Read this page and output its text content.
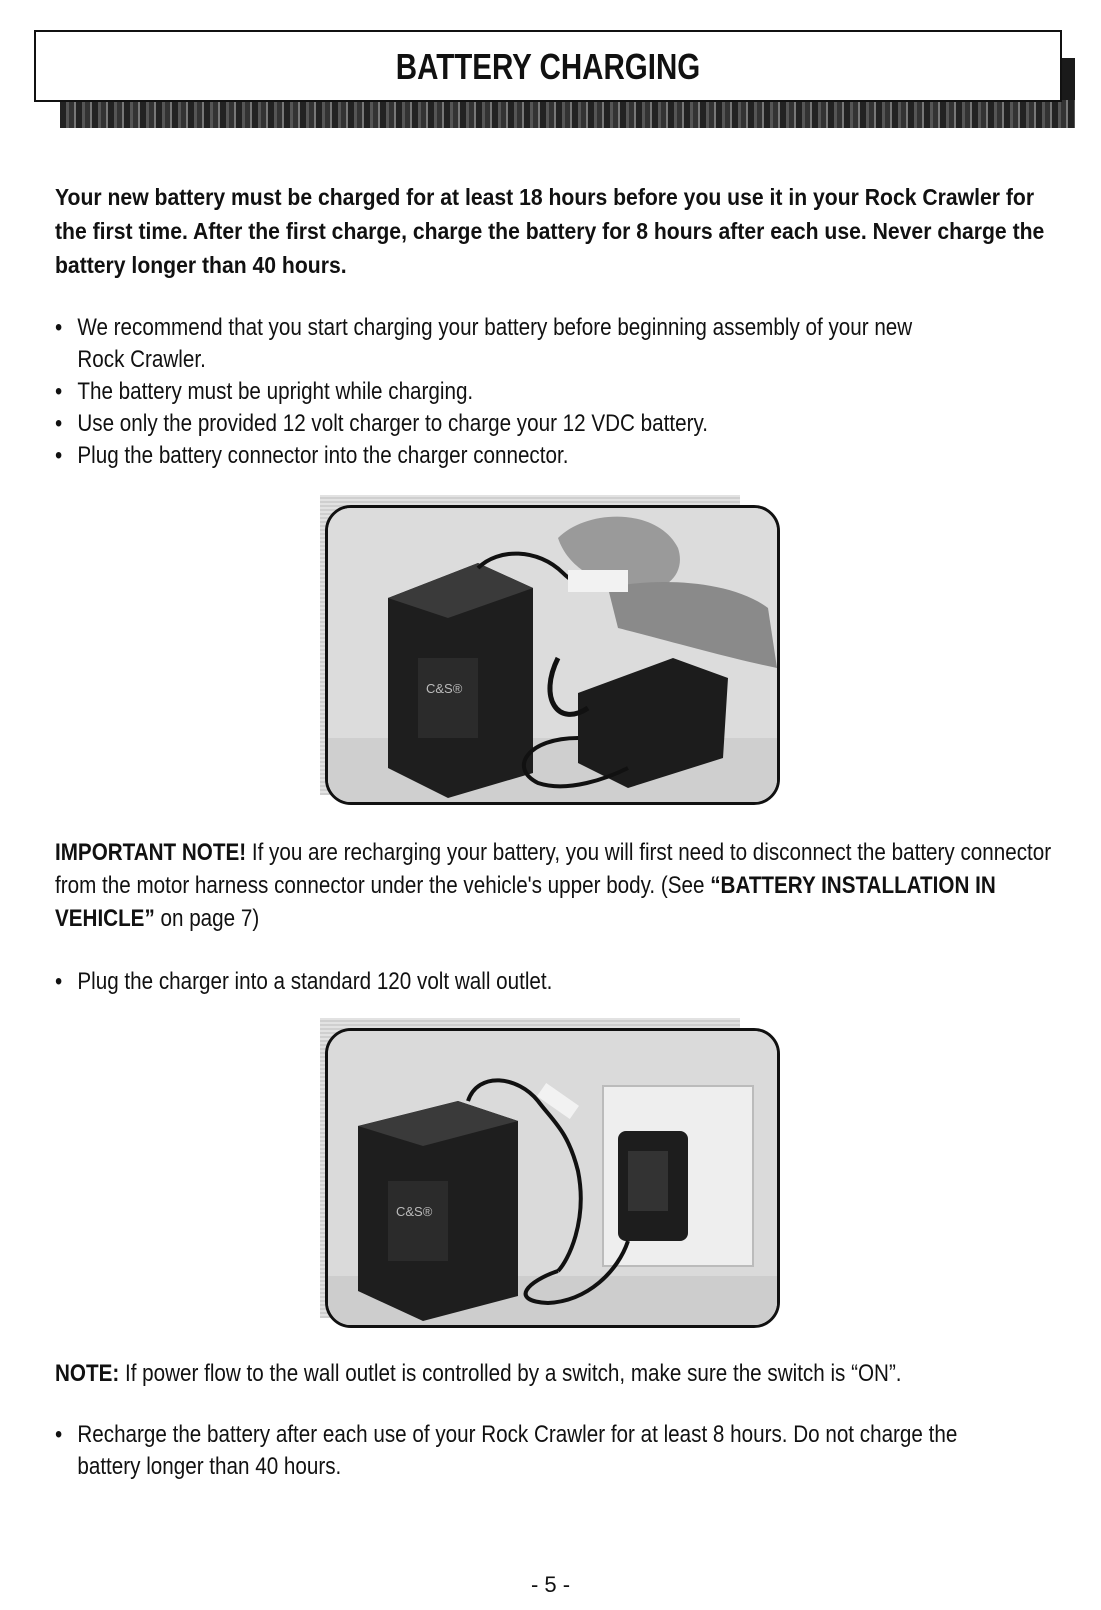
BATTERY CHARGING
Your new battery must be charged for at least 18 hours before you use it in your Rock Crawler for the first time. After the first charge, charge the battery for 8 hours after each use. Never charge the battery longer than 40 hours.
• We recommend that you start charging your battery before beginning assembly of your new Rock Crawler.
• The battery must be upright while charging.
• Use only the provided 12 volt charger to charge your 12 VDC battery.
• Plug the battery connector into the charger connector.
C&S®
IMPORTANT NOTE! If you are recharging your battery, you will first need to disconnect the battery connector from the motor harness connector under the vehicle's upper body. (See “BATTERY INSTALLATION IN VEHICLE” on page 7)
• Plug the charger into a standard 120 volt wall outlet.
C&S®
NOTE: If power flow to the wall outlet is controlled by a switch, make sure the switch is “ON”.
• Recharge the battery after each use of your Rock Crawler for at least 8 hours. Do not charge the battery longer than 40 hours.
- 5 -
